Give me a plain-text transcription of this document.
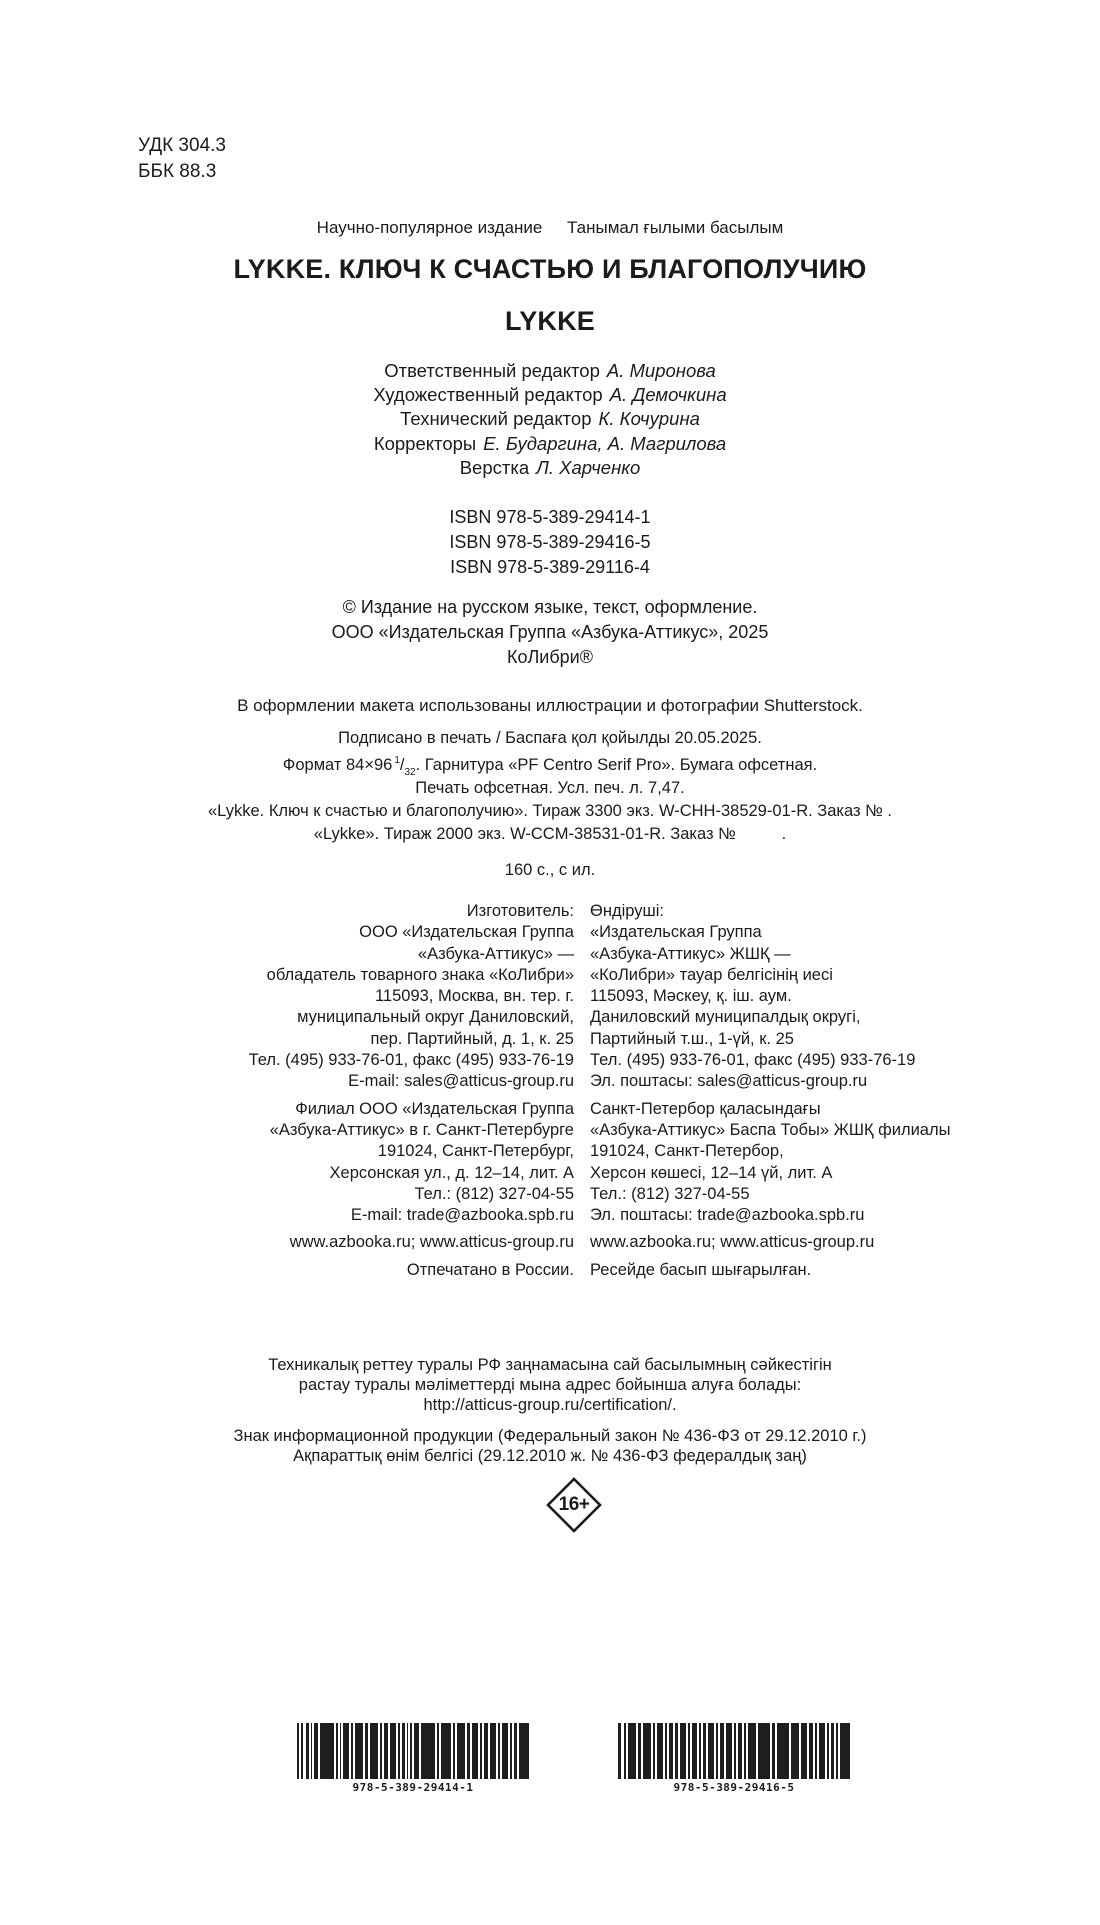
УДК 304.3
ББК 88.3
Научно-популярное издание Танымал ғылыми басылым
LYKKE. КЛЮЧ К СЧАСТЬЮ И БЛАГОПОЛУЧИЮ
LYKKE
Ответственный редактор А. Миронова
Художественный редактор А. Демочкина
Технический редактор К. Кочурина
Корректоры Е. Бударгина, А. Магрилова
Верстка Л. Харченко
ISBN 978-5-389-29414-1
ISBN 978-5-389-29416-5
ISBN 978-5-389-29116-4
© Издание на русском языке, текст, оформление.
ООО «Издательская Группа «Азбука-Аттикус», 2025
КоЛибри®
В оформлении макета использованы иллюстрации и фотографии Shutterstock.
Подписано в печать / Баспаға қол қойылды 20.05.2025.
Формат 84×96 $^1/_{32}$. Гарнитура «PF Centro Serif Pro». Бумага офсетная.
Печать офсетная. Усл. печ. л. 7,47.
«Lykke. Ключ к счастью и благополучию». Тираж 3300 экз. W-CHH-38529-01-R. Заказ № .
«Lykke». Тираж 2000 экз. W-CCM-38531-01-R. Заказ №          .
160 с., с ил.
Изготовитель:
ООО «Издательская Группа
«Азбука-Аттикус» —
обладатель товарного знака «КоЛибри»
115093, Москва, вн. тер. г.
муниципальный округ Даниловский,
пер. Партийный, д. 1, к. 25
Тел. (495) 933-76-01, факс (495) 933-76-19
E-mail: sales@atticus-group.ru
Филиал ООО «Издательская Группа
«Азбука-Аттикус» в г. Санкт-Петербурге
191024, Санкт-Петербург,
Херсонская ул., д. 12–14, лит. А
Тел.: (812) 327-04-55
E-mail: trade@azbooka.spb.ru
www.azbooka.ru; www.atticus-group.ru
Отпечатано в России.
Өндіруші:
«Издательская Группа
«Азбука-Аттикус» ЖШҚ —
«КоЛибри» тауар белгісінің иесі
115093, Мәскеу, қ. іш. аум.
Даниловский муниципалдық округі,
Партийный т.ш., 1-үй, к. 25
Тел. (495) 933-76-01, факс (495) 933-76-19
Эл. поштасы: sales@atticus-group.ru
Санкт-Петербор қаласындағы
«Азбука-Аттикус» Баспа Тобы» ЖШҚ филиалы
191024, Санкт-Петербор,
Херсон көшесі, 12–14 үй, лит. А
Тел.: (812) 327-04-55
Эл. поштасы: trade@azbooka.spb.ru
www.azbooka.ru; www.atticus-group.ru
Ресейде басып шығарылған.
Техникалық реттеу туралы РФ заңнамасына сай басылымның сәйкестігін
растау туралы мәліметтерді мына адрес бойынша алуға болады:
http://atticus-group.ru/certification/.
Знак информационной продукции (Федеральный закон № 436-ФЗ от 29.12.2010 г.)
Ақпараттық өнім белгісі (29.12.2010 ж. № 436-ФЗ федералдық заң)
16+
978-5-389-29414-1	978-5-389-29416-5
